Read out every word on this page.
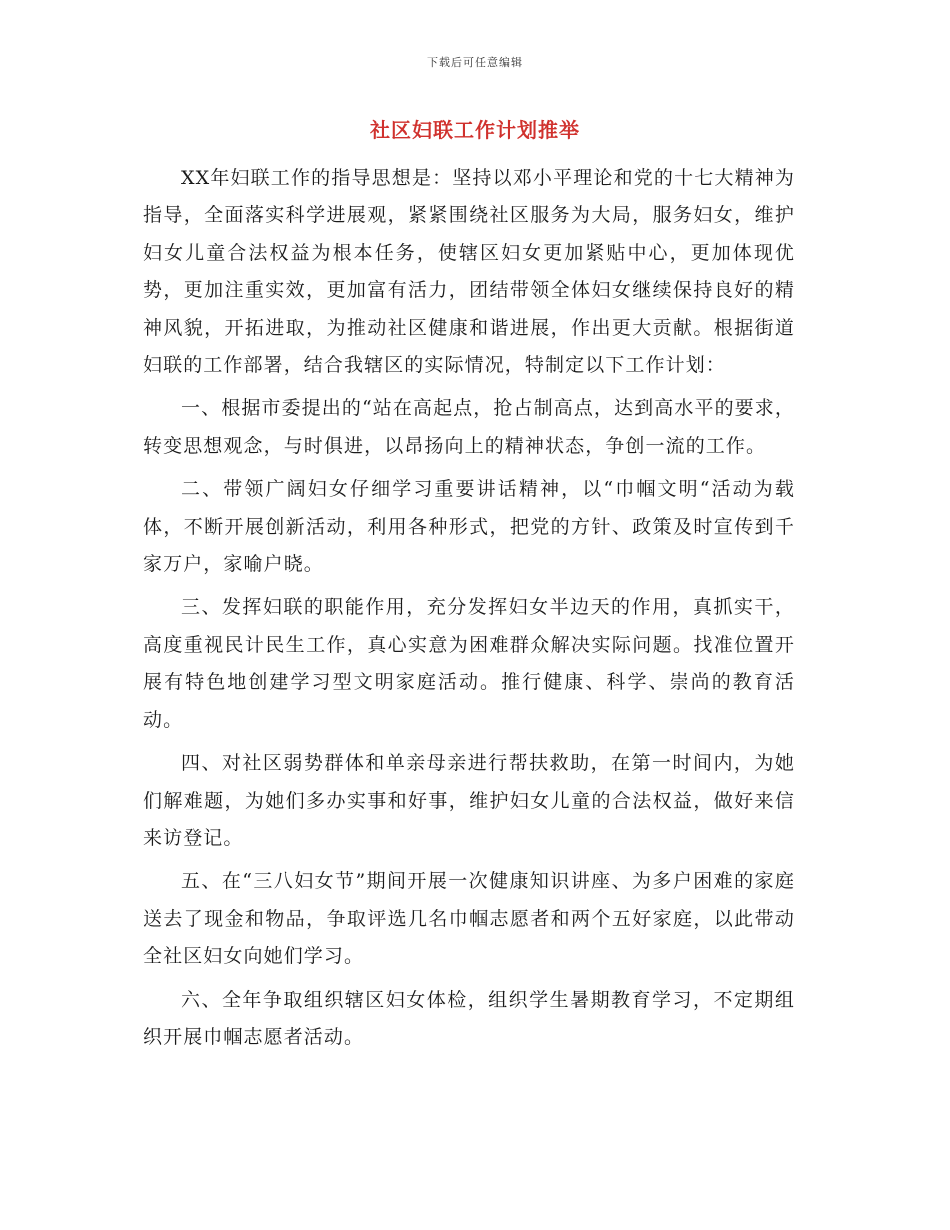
下载后可任意编辑
社区妇联工作计划推举

XX年妇联工作的指导思想是：坚持以邓小平理论和党的十七大精神为指导，全面落实科学进展观，紧紧围绕社区服务为大局，服务妇女，维护妇女儿童合法权益为根本任务，使辖区妇女更加紧贴中心，更加体现优势，更加注重实效，更加富有活力，团结带领全体妇女继续保持良好的精神风貌，开拓进取，为推动社区健康和谐进展，作出更大贡献。根据街道妇联的工作部署，结合我辖区的实际情况，特制定以下工作计划：

一、根据市委提出的“站在高起点，抢占制高点，达到高水平的要求，转变思想观念，与时俱进，以昂扬向上的精神状态，争创一流的工作。

二、带领广阔妇女仔细学习重要讲话精神，以“巾帼文明“活动为载体，不断开展创新活动，利用各种形式，把党的方针、政策及时宣传到千家万户，家喻户晓。

三、发挥妇联的职能作用，充分发挥妇女半边天的作用，真抓实干，高度重视民计民生工作，真心实意为困难群众解决实际问题。找准位置开展有特色地创建学习型文明家庭活动。推行健康、科学、崇尚的教育活动。

四、对社区弱势群体和单亲母亲进行帮扶救助，在第一时间内，为她们解难题，为她们多办实事和好事，维护妇女儿童的合法权益，做好来信来访登记。

五、在“三八妇女节”期间开展一次健康知识讲座、为多户困难的家庭送去了现金和物品，争取评选几名巾帼志愿者和两个五好家庭，以此带动全社区妇女向她们学习。

六、全年争取组织辖区妇女体检，组织学生暑期教育学习，不定期组织开展巾帼志愿者活动。
